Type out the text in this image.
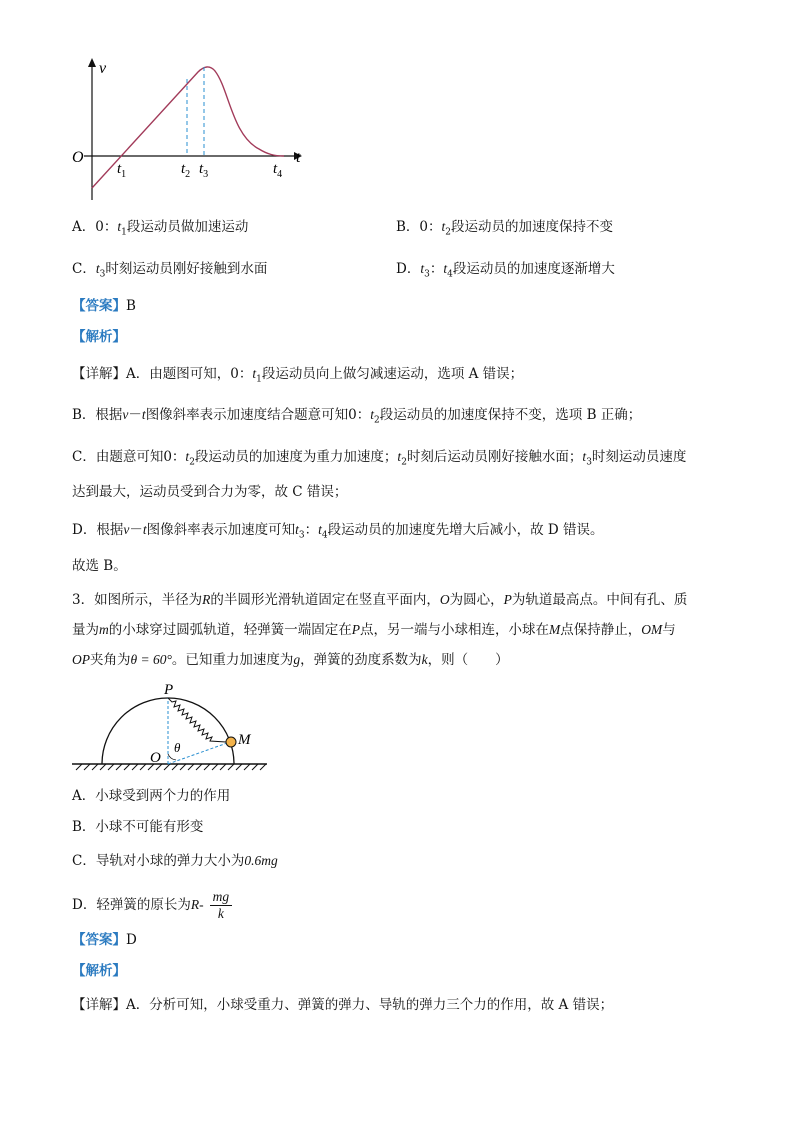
v
t
O
$t_1$	$t_2$ $t_3$	$t_4$
A．0：$t_1$段运动员做加速运动	B．0：$t_2$段运动员的加速度保持不变
C．$t_3$时刻运动员刚好接触到水面	D．$t_3$：$t_4$段运动员的加速度逐渐增大
【答案】B
【解析】
【详解】A．由题图可知，0：$t_1$段运动员向上做匀减速运动，选项 A 错误；
B．根据v－t图像斜率表示加速度结合题意可知0：$t_2$段运动员的加速度保持不变，选项 B 正确；
C．由题意可知0：$t_2$段运动员的加速度为重力加速度；$t_2$时刻后运动员刚好接触水面；$t_3$时刻运动员速度
达到最大，运动员受到合力为零，故 C 错误；
D．根据v－t图像斜率表示加速度可知$t_3$：$t_4$段运动员的加速度先增大后减小，故 D 错误。
故选 B。
3．如图所示，半径为R的半圆形光滑轨道固定在竖直平面内，O为圆心，P为轨道最高点。中间有孔、质
量为m的小球穿过圆弧轨道，轻弹簧一端固定在P点，另一端与小球相连，小球在M点保持静止，OM与
OP夹角为θ = 60°。已知重力加速度为g，弹簧的劲度系数为k，则（　　）
P
O
M
θ
A．小球受到两个力的作用
B．小球不可能有形变
C．导轨对小球的弹力大小为0.6mg
D．轻弹簧的原长为$R- \frac{mg}{k}$
【答案】D
【解析】
【详解】A．分析可知，小球受重力、弹簧的弹力、导轨的弹力三个力的作用，故 A 错误；
